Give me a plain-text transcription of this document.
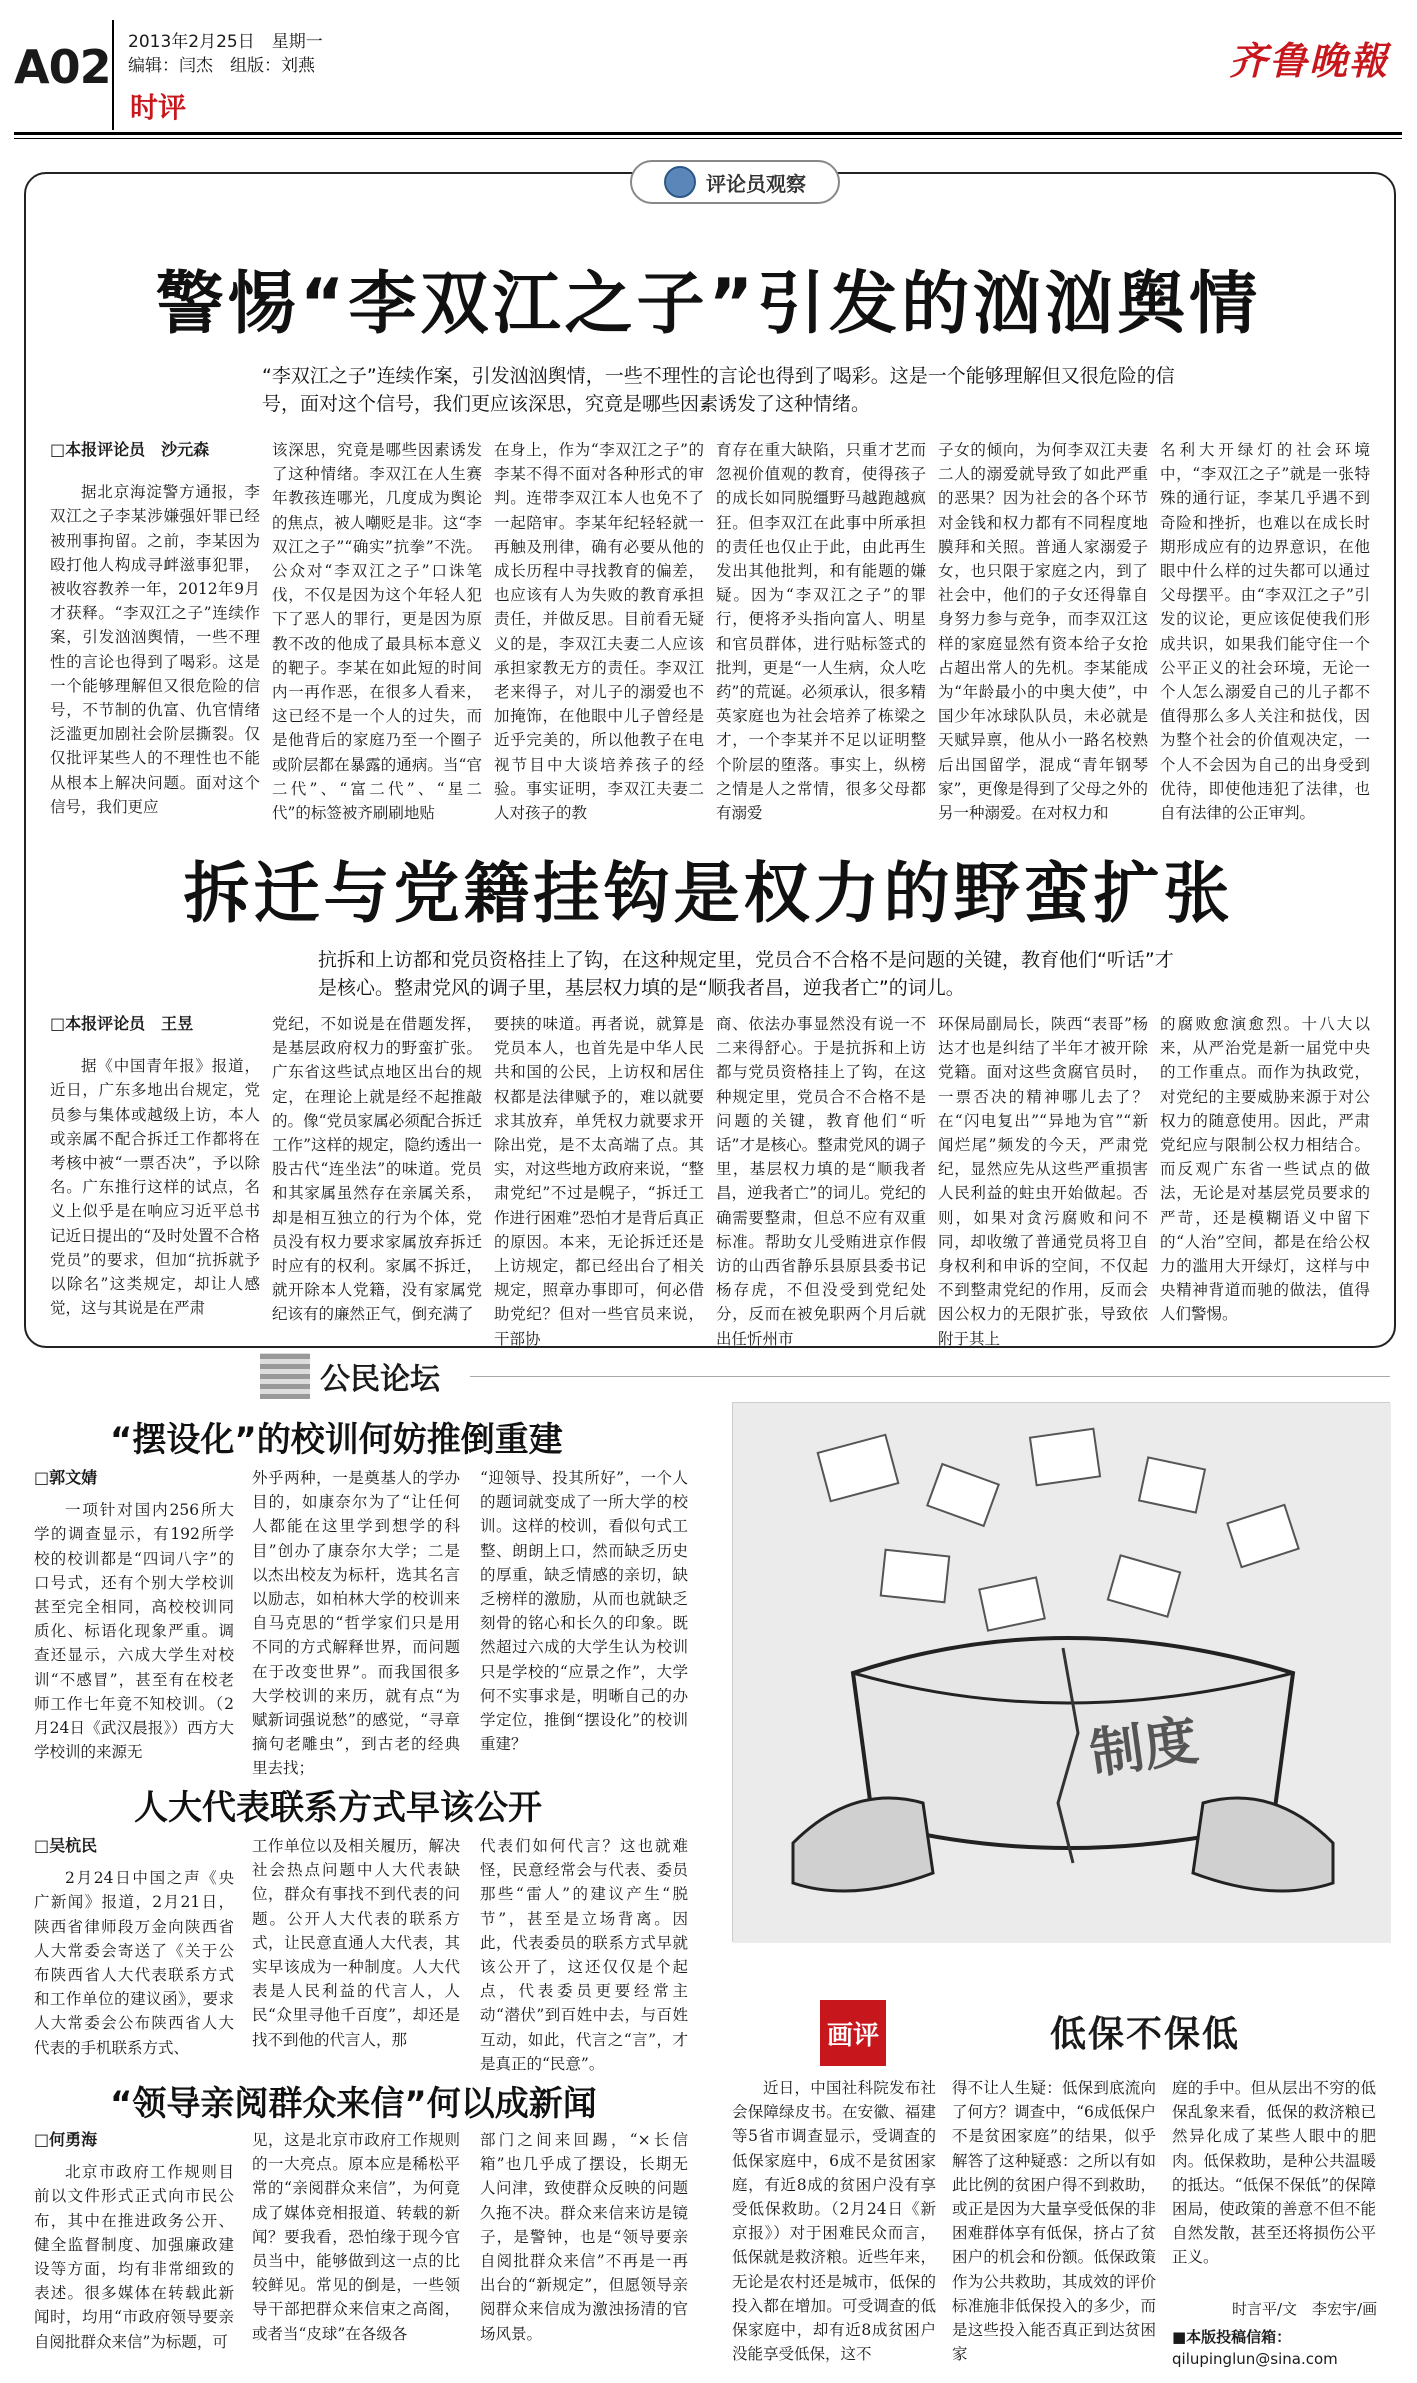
A02 2013年2月25日　 星期一
编辑：闫杰　组版：刘燕
时评
齐鲁晚報
评论员观察
警惕“李双江之子”引发的汹汹舆情
“李双江之子”连续作案，引发汹汹舆情，一些不理性的言论也得到了喝彩。这是一个能够理解但又很危险的信号，面对这个信号，我们更应该深思，究竟是哪些因素诱发了这种情绪。
□本报评论员　沙元森

据北京海淀警方通报，李双江之子李某涉嫌强奸罪已经被刑事拘留。之前，李某因为殴打他人构成寻衅滋事犯罪，被收容教养一年，2012年9月才获释。“李双江之子”连续作案，引发汹汹舆情，一些不理性的言论也得到了喝彩。这是一个能够理解但又很危险的信号，不节制的仇富、仇官情绪泛滥更加剧社会阶层撕裂。仅仅批评某些人的不理性也不能从根本上解决问题。面对这个信号，我们更应

该深思，究竟是哪些因素诱发了这种情绪。李双江在人生赛年教孩连哪光，几度成为舆论的焦点，被人嘲贬是非。这“李双江之子”“确实”抗拳”不洗。公众对“李双江之子”口诛笔伐，不仅是因为这个年轻人犯下了恶人的罪行，更是因为原教不改的他成了最具标本意义的靶子。李某在如此短的时间内一再作恶，在很多人看来，这已经不是一个人的过失，而是他背后的家庭乃至一个圈子或阶层都在暴露的通病。当“官二代”、“富二代”、“星二代”的标签被齐刷刷地贴

在身上，作为“李双江之子”的李某不得不面对各种形式的审判。连带李双江本人也免不了一起陪审。李某年纪轻轻就一再触及刑律，确有必要从他的成长历程中寻找教育的偏差，也应该有人为失败的教育承担责任，并做反思。目前看无疑义的是，李双江夫妻二人应该承担家教无方的责任。李双江老来得子，对儿子的溺爱也不加掩饰，在他眼中儿子曾经是近乎完美的，所以他教子在电视节目中大谈培养孩子的经验。事实证明，李双江夫妻二人对孩子的教

育存在重大缺陷，只重才艺而忽视价值观的教育，使得孩子的成长如同脱缰野马越跑越疯狂。但李双江在此事中所承担的责任也仅止于此，由此再生发出其他批判，和有能题的嫌疑。因为“李双江之子”的罪行，便将矛头指向富人、明星和官员群体，进行贴标签式的批判，更是“一人生病，众人吃药”的荒诞。必须承认，很多精英家庭也为社会培养了栋梁之才，一个李某并不足以证明整个阶层的堕落。事实上，纵榜之情是人之常情，很多父母都有溺爱

子女的倾向，为何李双江夫妻二人的溺爱就导致了如此严重的恶果？因为社会的各个环节对金钱和权力都有不同程度地膜拜和关照。普通人家溺爱子女，也只限于家庭之内，到了社会中，他们的子女还得靠自身努力参与竞争，而李双江这样的家庭显然有资本给子女抢占超出常人的先机。李某能成为“年龄最小的中奥大使”，中国少年冰球队队员，未必就是天赋异禀，他从小一路名校熟后出国留学，混成“青年钢琴家”，更像是得到了父母之外的另一种溺爱。在对权力和

名利大开绿灯的社会环境中，“李双江之子”就是一张特殊的通行证，李某几乎遇不到奇险和挫折，也难以在成长时期形成应有的边界意识，在他眼中什么样的过失都可以通过父母摆平。由“李双江之子”引发的议论，更应该促使我们形成共识，如果我们能守住一个公平正义的社会环境，无论一个人怎么溺爱自己的儿子都不值得那么多人关注和挞伐，因为整个社会的价值观决定，一个人不会因为自己的出身受到优待，即使他违犯了法律，也自有法律的公正审判。

拆迁与党籍挂钩是权力的野蛮扩张
抗拆和上访都和党员资格挂上了钩，在这种规定里，党员合不合格不是问题的关键，教育他们“听话”才是核心。整肃党风的调子里，基层权力填的是“顺我者昌，逆我者亡”的词儿。
□本报评论员　王昱

据《中国青年报》报道，近日，广东多地出台规定，党员参与集体或越级上访，本人或亲属不配合拆迁工作都将在考核中被“一票否决”，予以除名。广东推行这样的试点，名义上似乎是在响应习近平总书记近日提出的“及时处置不合格党员”的要求，但加“抗拆就予以除名”这类规定，却让人感觉，这与其说是在严肃

党纪，不如说是在借题发挥，是基层政府权力的野蛮扩张。广东省这些试点地区出台的规定，在理论上就是经不起推敲的。像“党员家属必须配合拆迁工作”这样的规定，隐约透出一股古代“连坐法”的味道。党员和其家属虽然存在亲属关系，却是相互独立的行为个体，党员没有权力要求家属放弃拆迁时应有的权利。家属不拆迁，就开除本人党籍，没有家属党纪该有的廉然正气，倒充满了

要挟的味道。再者说，就算是党员本人，也首先是中华人民共和国的公民，上访权和居住权都是法律赋予的，难以就要求其放弃，单凭权力就要求开除出党，是不太高端了点。其实，对这些地方政府来说，“整肃党纪”不过是幌子，“拆迁工作进行困难”恐怕才是背后真正的原因。本来，无论拆迁还是上访规定，都已经出台了相关规定，照章办事即可，何必借助党纪？但对一些官员来说，干部协

商、依法办事显然没有说一不二来得舒心。于是抗拆和上访都与党员资格挂上了钩，在这种规定里，党员合不合格不是问题的关键，教育他们“听话”才是核心。整肃党风的调子里，基层权力填的是“顺我者昌，逆我者亡”的词儿。党纪的确需要整肃，但总不应有双重标准。帮助女儿受贿进京作假访的山西省静乐县原县委书记杨存虎，不但没受到党纪处分，反而在被免职两个月后就出任忻州市

环保局副局长，陕西“表哥”杨达才也是纠结了半年才被开除党籍。面对这些贪腐官员时，一票否决的精神哪儿去了？在“闪电复出”“异地为官”“新闻烂尾”频发的今天，严肃党纪，显然应先从这些严重损害人民利益的蛀虫开始做起。否则，如果对贪污腐败和问不同，却收缴了普通党员将卫自身权利和申诉的空间，不仅起不到整肃党纪的作用，反而会因公权力的无限扩张，导致依附于其上

的腐败愈演愈烈。十八大以来，从严治党是新一届党中央的工作重点。而作为执政党，对党纪的主要威胁来源于对公权力的随意使用。因此，严肃党纪应与限制公权力相结合。而反观广东省一些试点的做法，无论是对基层党员要求的严苛，还是模糊语义中留下的“人治”空间，都是在给公权力的滥用大开绿灯，这样与中央精神背道而驰的做法，值得人们警惕。

公民论坛
“摆设化”的校训何妨推倒重建
□郭文婧

一项针对国内256所大学的调查显示，有192所学校的校训都是“四词八字”的口号式，还有个别大学校训甚至完全相同，高校校训同质化、标语化现象严重。调查还显示，六成大学生对校训“不感冒”，甚至有在校老师工作七年竟不知校训。（2月24日《武汉晨报》）西方大学校训的来源无

外乎两种，一是奠基人的学办目的，如康奈尔为了“让任何人都能在这里学到想学的科目”创办了康奈尔大学；二是以杰出校友为标杆，选其名言以励志，如柏林大学的校训来自马克思的“哲学家们只是用不同的方式解释世界，而问题在于改变世界”。而我国很多大学校训的来历，就有点“为赋新词强说愁”的感觉，“寻章摘句老雕虫”，到古老的经典里去找；

“迎领导、投其所好”，一个人的题词就变成了一所大学的校训。这样的校训，看似句式工整、朗朗上口，然而缺乏历史的厚重，缺乏情感的亲切，缺乏榜样的激励，从而也就缺乏刻骨的铭心和长久的印象。既然超过六成的大学生认为校训只是学校的“应景之作”，大学何不实事求是，明晰自己的办学定位，推倒“摆设化”的校训重建？

人大代表联系方式早该公开
□吴杭民

2月24日中国之声《央广新闻》报道，2月21日，陕西省律师段万金向陕西省人大常委会寄送了《关于公布陕西省人大代表联系方式和工作单位的建议函》，要求人大常委会公布陕西省人大代表的手机联系方式、

工作单位以及相关履历，解决社会热点问题中人大代表缺位，群众有事找不到代表的问题。公开人大代表的联系方式，让民意直通人大代表，其实早该成为一种制度。人大代表是人民利益的代言人，人民“众里寻他千百度”，却还是找不到他的代言人，那

代表们如何代言？这也就难怪，民意经常会与代表、委员那些“雷人”的建议产生“脱节”，甚至是立场背离。因此，代表委员的联系方式早就该公开了，这还仅仅是个起点，代表委员更要经常主动“潜伏”到百姓中去，与百姓互动，如此，代言之“言”，才是真正的“民意”。

“领导亲阅群众来信”何以成新闻
□何勇海

北京市政府工作规则目前以文件形式正式向市民公布，其中在推进政务公开、健全监督制度、加强廉政建设等方面，均有非常细致的表述。很多媒体在转载此新闻时，均用“市政府领导要亲自阅批群众来信”为标题，可

见，这是北京市政府工作规则的一大亮点。原本应是稀松平常的“亲阅群众来信”，为何竟成了媒体竞相报道、转载的新闻？要我看，恐怕缘于现今官员当中，能够做到这一点的比较鲜见。常见的倒是，一些领导干部把群众来信束之高阁，或者当“皮球”在各级各

部门之间来回踢，“×长信箱”也几乎成了摆设，长期无人问津，致使群众反映的问题久拖不决。群众来信来访是镜子，是警钟，也是“领导要亲自阅批群众来信”不再是一再出台的“新规定”，但愿领导亲阅群众来信成为激浊扬清的官场风景。

制度
画评	低保不保低

近日，中国社科院发布社会保障绿皮书。在安徽、福建等5省市调查显示，受调查的低保家庭中，6成不是贫困家庭，有近8成的贫困户没有享受低保救助。（2月24日《新京报》）对于困难民众而言，低保就是救济粮。近些年来，无论是农村还是城市，低保的投入都在增加。可受调查的低保家庭中，却有近8成贫困户没能享受低保，这不

得不让人生疑：低保到底流向了何方？调查中，“6成低保户不是贫困家庭”的结果，似乎解答了这种疑惑：之所以有如此比例的贫困户得不到救助，或正是因为大量享受低保的非困难群体享有低保，挤占了贫困户的机会和份额。低保政策作为公共救助，其成效的评价标准施非低保投入的多少，而是这些投入能否真正到达贫困家

庭的手中。但从层出不穷的低保乱象来看，低保的救济粮已然异化成了某些人眼中的肥肉。低保救助，是种公共温暖的抵达。“低保不保低”的保障困局，使政策的善意不但不能自然发散，甚至还将损伤公平正义。

时言平/文　李宏宇/画
■本版投稿信箱：
qilupinglun@sina.com
